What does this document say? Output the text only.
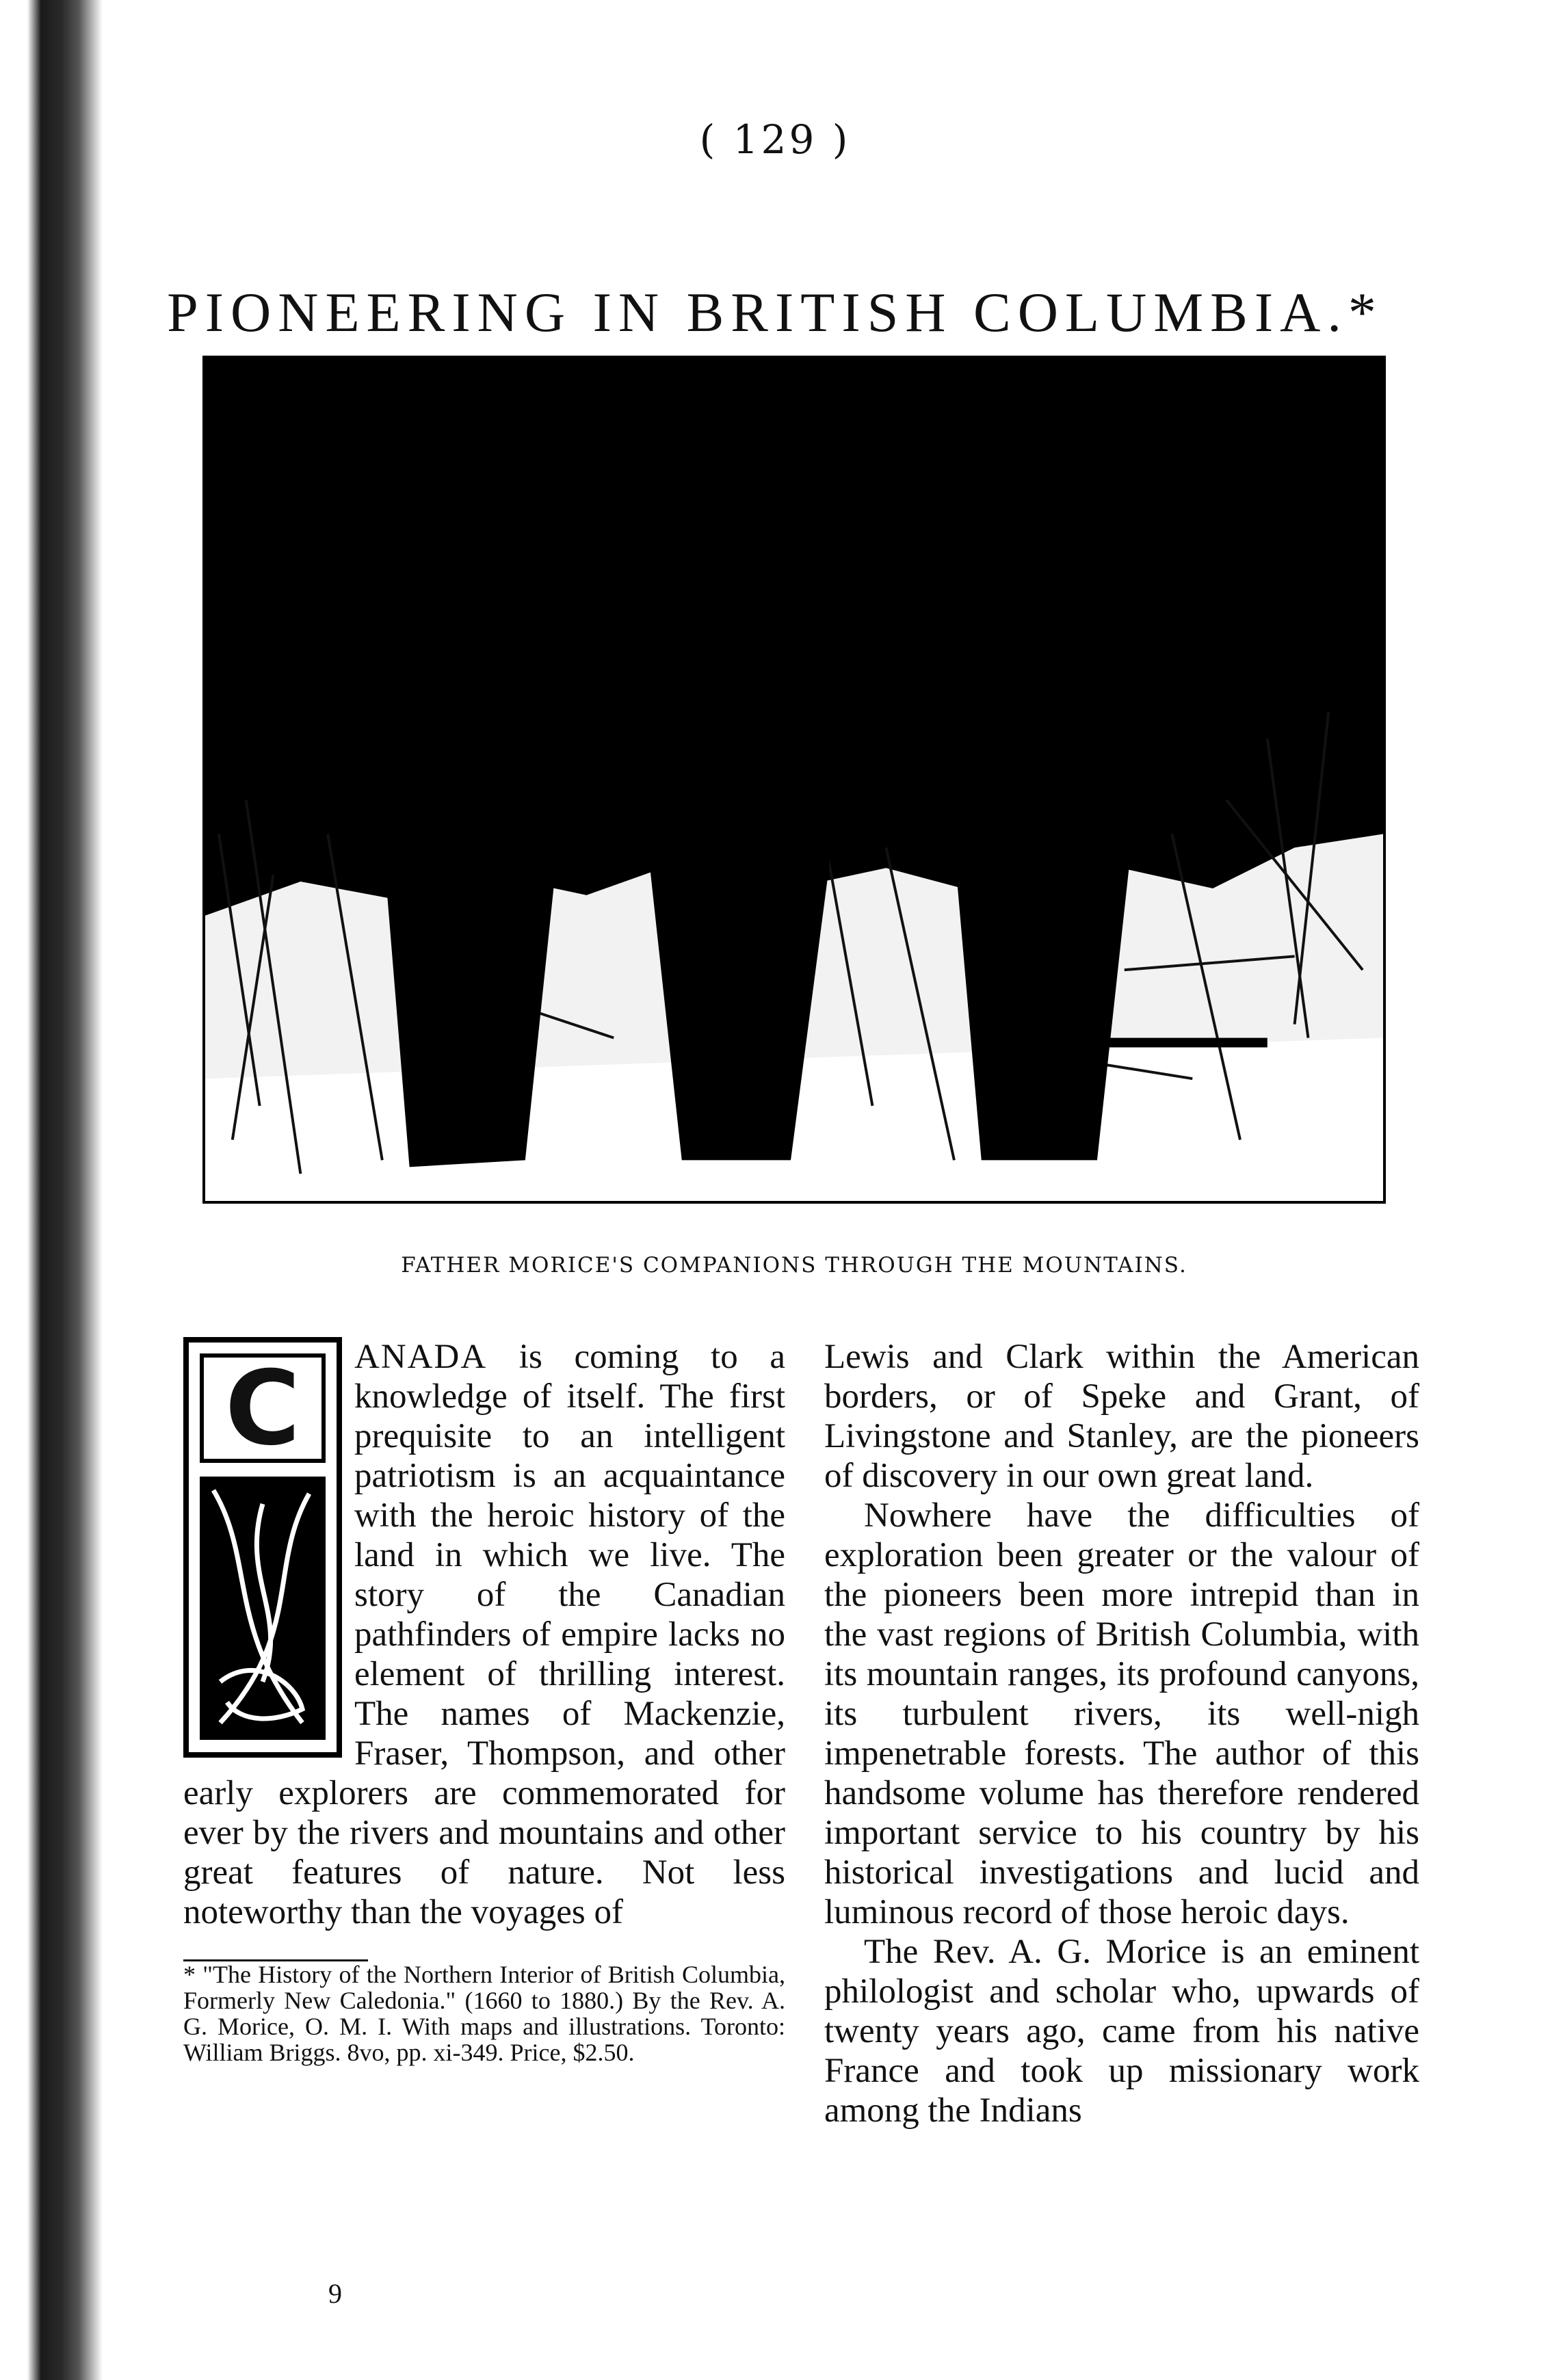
( 129 )
PIONEERING IN BRITISH COLUMBIA.*
FATHER MORICE'S COMPANIONS THROUGH THE MOUNTAINS.
C	ANADA is coming to a knowledge of itself. The first prequisite to an intelligent patriotism is an acquaintance with the heroic history of the land in which we live. The story of the Canadian pathfinders of empire lacks no element of thrilling interest. The names of Mackenzie, Fraser, Thompson, and other early explorers are commemorated for ever by the rivers and mountains and other great features of nature. Not less noteworthy than the voyages of

* "The History of the Northern Interior of British Columbia, Formerly New Caledonia." (1660 to 1880.) By the Rev. A. G. Morice, O. M. I. With maps and illustrations. Toronto: William Briggs. 8vo, pp. xi-349. Price, $2.50.

9

Lewis and Clark within the American borders, or of Speke and Grant, of Livingstone and Stanley, are the pioneers of discovery in our own great land.

Nowhere have the difficulties of exploration been greater or the valour of the pioneers been more intrepid than in the vast regions of British Columbia, with its mountain ranges, its profound canyons, its turbulent rivers, its well-nigh impenetrable forests. The author of this handsome volume has therefore rendered important service to his country by his historical investigations and lucid and luminous record of those heroic days.

The Rev. A. G. Morice is an eminent philologist and scholar who, upwards of twenty years ago, came from his native France and took up missionary work among the Indians
